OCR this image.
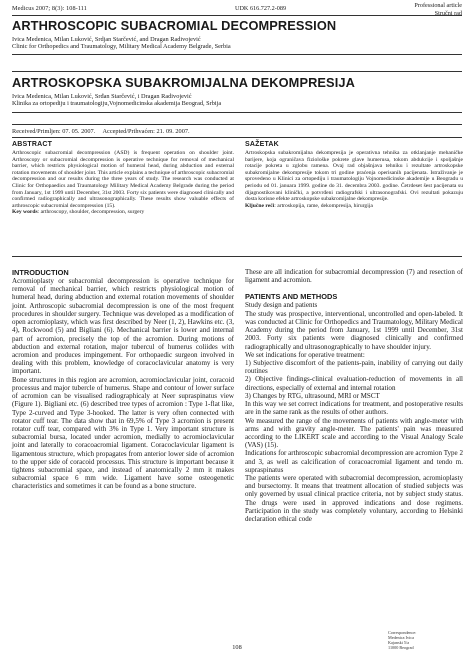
Medicus 2007; 8(3): 108-111	UDK 616.727.2-089	Professional article
Stručni rad
ARTHROSCOPIC SUBACROMIAL DECOMPRESSION
Ivica Medenica, Milan Luković, Srdjan Starčević, and Dragan Radivojević
Clinic for Orthopedics and Traumatology, Military Medical Academy Belgrade, Serbia
ARTROSKOPSKA SUBAKROMIJALNA DEKOMPRESIJA
Ivica Medenica, Milan Luković, Srđan Starčević, i Dragan Radivojević
Klinika za ortopediju i traumatologiju,Vojnomedicinska akademija Beograd, Srbija
Received/Primljen: 07. 05. 2007. Accepted/Prihvaćen: 21. 09. 2007.
ABSTRACT
Arthroscopic subacromial decompression (ASD) is frequent operation on shoulder joint. Arthroscopy or subacromial decompression is operative technique for removal of mechanical barrier, which restricts physiological motion of humeral head, during abduction and external rotation movements of shoulder joint. This article explains a technique of arthroscopic subacromial decompression and our results during the three years of study. The research was conducted at Clinic for Orthopaedics and Traumatology Military Medical Academy Belgrade during the period from January, 1st 1999 until December, 31st 2003. Forty six patients were diagnosed clinically and confirmed radiographically and ultrasonographically. These results show valuable effects of arthroscopic subacromial decompression (15).
Key words: arthroscopy, shoulder, decompression, surgery
SAŽETAK
Artroskopska subakromijalna dekompresija je operativna tehnika za otklanjanje mehaničke barijere, koja ograničava fiziološke pokrete glave humerusa, tokom abdukcije i spoljašnje rotacije pokreta u zglobu ramena. Ovaj rad objašnjava tehniku i rezultate artroskopske subakromijalne dekompresije tokom tri godine praćenja operisanih pacijenata. Istraživanje je sprovedeno u Klinici za ortopediju i traumatologiju Vojnomedicinske akademije u Beogradu u periodu od 01. januara 1999. godine do 31. decembra 2003. godine. Četrdeset šest pacijenata su dijagnostikovani klinički, a potvrđeni radiografski i ultrasonografski. Ovi rezultati pokazuju dosta korisne efekte artroskopske subakromijalne dekompresije.
Ključne reči: artroskopija, rame, dekompresija, hirurgija
INTRODUCTION

Acromioplasty or subacromial decompression is operative technique for removal of mechanical barrier, which restricts physiological motion of humeral head, during abduction and external rotation movements of shoulder joint. Arthroscopic subacromial decompression is one of the most frequent procedures in shoulder surgery. Technique was developed as a modification of open acromioplasty, which was first described by Neer (1, 2), Hawkins etc. (3, 4), Rockwood (5) and Bigliani (6). Mechanical barrier is lower and internal part of acromion, precisely the top of the acromion. During motions of abduction and external rotation, major tubercul of humerus coliides with acromion and produces impingement. For orthopaedic surgeon involved in dealing with this problem, knowledge of coracoclavicular anatomy is very important.

Bone structures in this region are acromion, acromioclavicular joint, coracoid processus and major tubercle of humerus. Shape and contour of lower surface of acromion can be visualised radiographicaly at Neer supraspinatus view (Figure 1). Bigliani etc. (6) described tree types of acromion : Type 1-flat like, Type 2-curved and Type 3-hooked. The latter is very often connected with rotator cuff tear. The data show that in 69,5% of Type 3 acromion is present rotator cuff tear, compared with 3% in Type 1. Very important structure is subacromial bursa, located under acromion, medially to acromioclavicular joint and laterally to coracoacromial ligament. Coracoclavicular ligament is ligamentous structure, which propagates from anterior lower side of acromion to the upper side of coracoid processus. This structure is important because it tightens subacromial space, and instead of anatomically 2 mm it makes subacromial space 6 mm wide. Ligament have some osteogenetic characteristics and sometimes it can be found as a bone structure.

These are all indication for subacromial decompression (7) and resection of ligament and acromion.

PATIENTS AND METHODS

Study design and patients

The study was prospective, interventional, uncontrolled and open-labeled. It was conducted at Clinic for Orthopedics and Traumatology, Military Medical Academy during the period from January, 1st 1999 until December, 31st 2003. Forty six patients were diagnosed clinically and confirmed radiographically and ultrasonographically to have shoulder injury.

We set indications for operative treatment:

1) Subjective discomfort of the patients-pain, inability of carrying out daily routines

2) Objective findings-clinical evaluation-reduction of movements in all directions, especially of external and internal rotation

3) Changes by RTG, ultrasound, MRI or MSCT

In this way we set correct indications for treatment, and postoperative results are in the same rank as the results of other authors.

We measured the range of the movements of patients with angle-meter with arms and with gravity angle-meter. The patients' pain was measured according to the LIKERT scale and according to the Visual Analogy Scale (VAS) (15).

Indications for arthroscopic subacromial decompression are acromion Type 2 and 3, as well as calcification of coracoacromial ligament and tendo m. supraspinatus

The patients were operated with subacromial decompression, acromioplasty and bursectomy. It means that treatment allocation of studied subjects was only governed by usual clinical practice criteria, not by subject study status. The drugs were used in approved indications and dose regimens. Participation in the study was completely voluntary, according to Helsinki declaration ethical code

Correspondence:
Medenica Ivica
Kajanski 5/a
11000 Beograd
108
